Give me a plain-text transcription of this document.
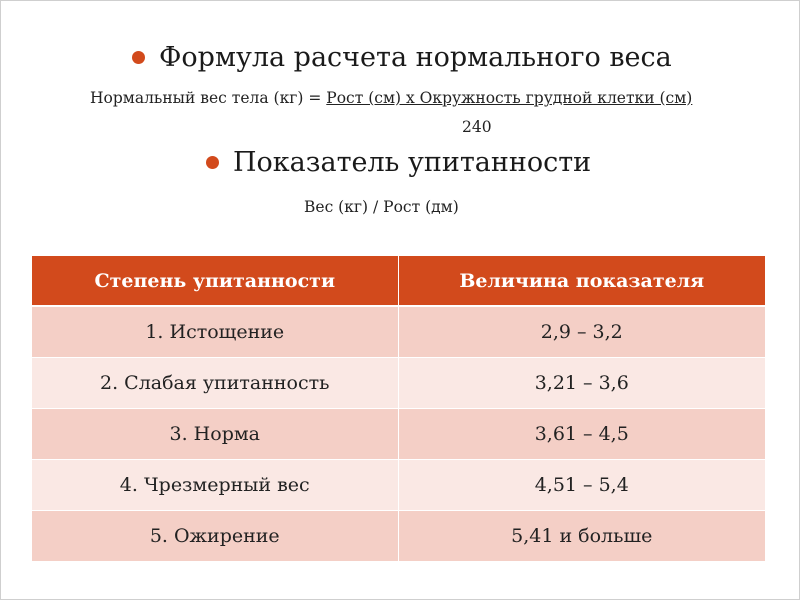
Формула расчета нормального веса
Нормальный вес тела (кг) = Рост (см) x Окружность грудной клетки (см)
240
Показатель упитанности
Вес (кг) / Рост (дм)
Степень упитанности	Величина показателя
1. Истощение	2,9 – 3,2
2. Слабая упитанность	3,21 – 3,6
3. Норма	3,61 – 4,5
4. Чрезмерный вес	4,51 – 5,4
5. Ожирение	5,41 и больше
